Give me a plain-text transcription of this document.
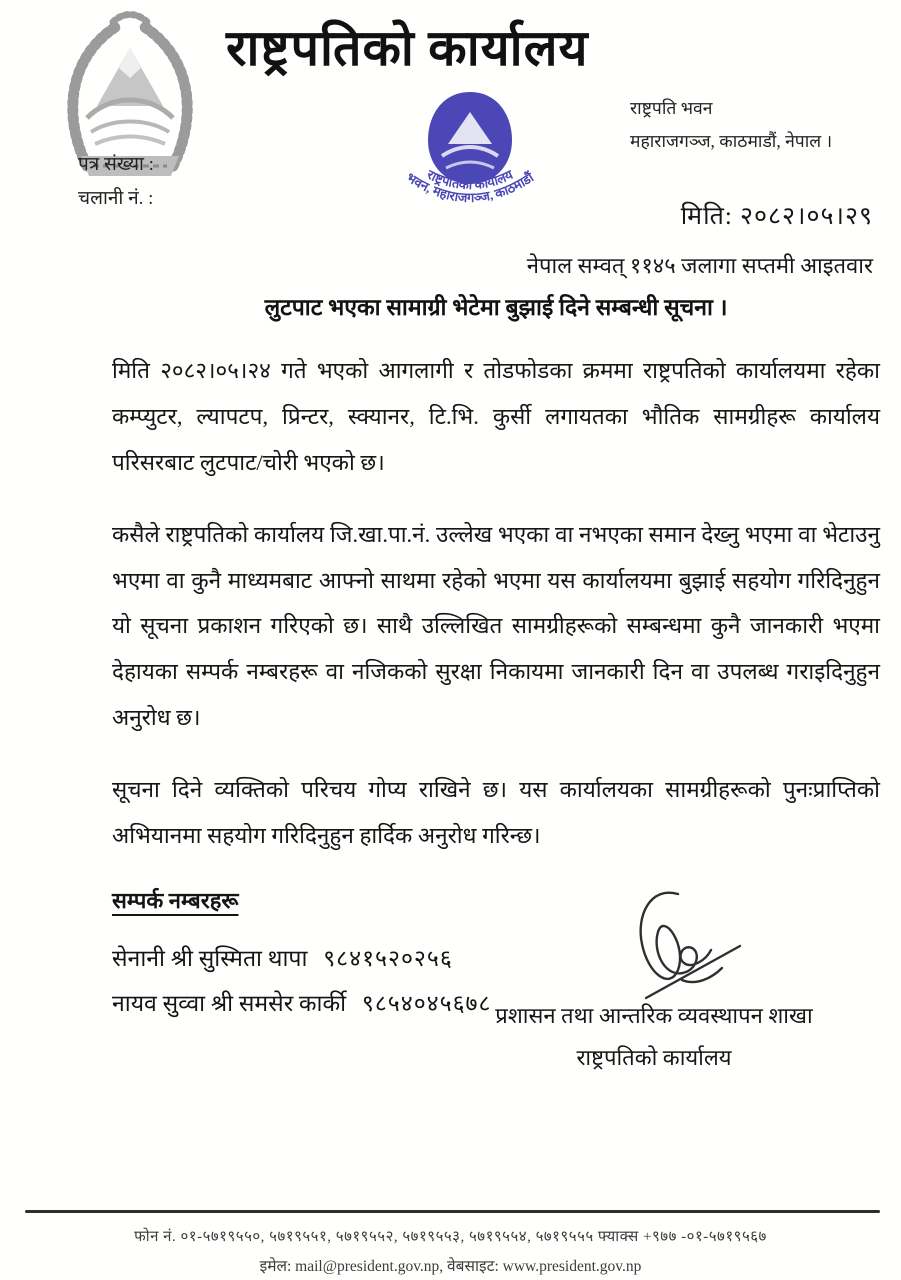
राष्ट्रपतिको कार्यालय
राष्ट्रपतिको कार्यालय
भवन, महाराजगञ्ज, काठमाडौं
राष्ट्रपति भवन
महाराजगञ्ज, काठमाडौं, नेपाल ।
पत्र संख्या :
चलानी नं. :
मिति: २०८२।०५।२९
नेपाल सम्वत् ११४५ जलागा सप्तमी आइतवार

लुटपाट भएका सामाग्री भेटेमा बुझाई दिने सम्बन्धी सूचना ।

मिति २०८२।०५।२४ गते भएको आगलागी र तोडफोडका क्रममा राष्ट्रपतिको कार्यालयमा रहेका कम्प्युटर, ल्यापटप, प्रिन्टर, स्क्यानर, टि.भि. कुर्सी लगायतका भौतिक सामग्रीहरू कार्यालय परिसरबाट लुटपाट/चोरी भएको छ।

कसैले राष्ट्रपतिको कार्यालय जि.खा.पा.नं. उल्लेख भएका वा नभएका समान देख्नु भएमा वा भेटाउनु भएमा वा कुनै माध्यमबाट आफ्नो साथमा रहेको भएमा यस कार्यालयमा बुझाई सहयोग गरिदिनुहुन यो सूचना प्रकाशन गरिएको छ। साथै उल्लिखित सामग्रीहरूको सम्बन्धमा कुनै जानकारी भएमा देहायका सम्पर्क नम्बरहरू वा नजिकको सुरक्षा निकायमा जानकारी दिन वा उपलब्ध गराइदिनुहुन अनुरोध छ।

सूचना दिने व्यक्तिको परिचय गोप्य राखिने छ। यस कार्यालयका सामग्रीहरूको पुनःप्राप्तिको अभियानमा सहयोग गरिदिनुहुन हार्दिक अनुरोध गरिन्छ।

सम्पर्क नम्बरहरू

सेनानी श्री सुस्मिता थापा ९८४१५२०२५६
नायव सुव्वा श्री समसेर कार्की ९८५४०४५६७८ प्रशासन तथा आन्तरिक व्यवस्थापन शाखा
राष्ट्रपतिको कार्यालय
फोन नं. ०१-५७१९५५०, ५७१९५५१, ५७१९५५२, ५७१९५५३, ५७१९५५४, ५७१९५५५ फ्याक्स +९७७ -०१-५७१९५६७
इमेल: mail@president.gov.np, वेबसाइट: www.president.gov.np
